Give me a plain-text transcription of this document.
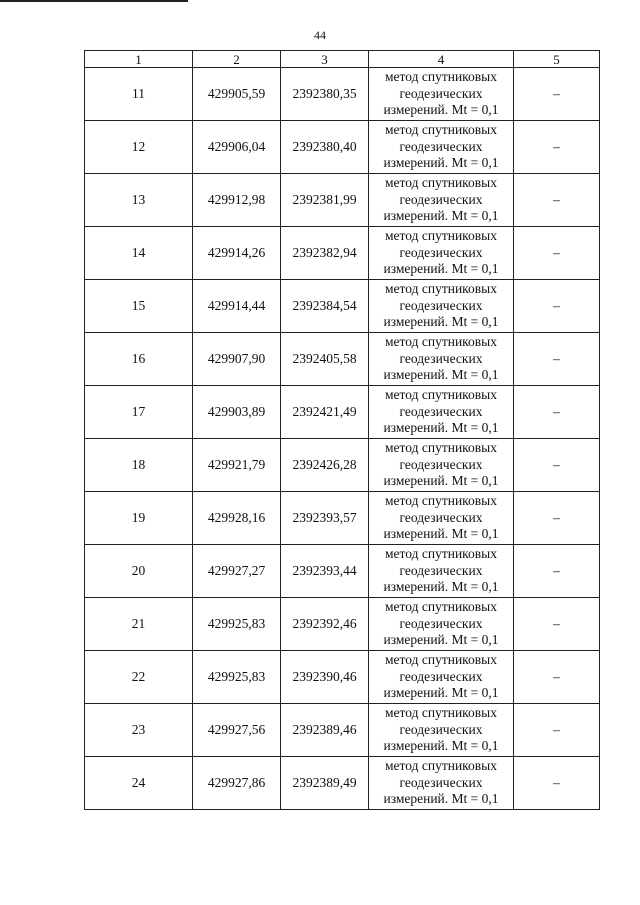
44
1	2	3	4	5
11	429905,59	2392380,35	метод спутниковых
геодезических
измерений. Mt = 0,1	–
12	429906,04	2392380,40	метод спутниковых
геодезических
измерений. Mt = 0,1	–
13	429912,98	2392381,99	метод спутниковых
геодезических
измерений. Mt = 0,1	–
14	429914,26	2392382,94	метод спутниковых
геодезических
измерений. Mt = 0,1	–
15	429914,44	2392384,54	метод спутниковых
геодезических
измерений. Mt = 0,1	–
16	429907,90	2392405,58	метод спутниковых
геодезических
измерений. Mt = 0,1	–
17	429903,89	2392421,49	метод спутниковых
геодезических
измерений. Mt = 0,1	–
18	429921,79	2392426,28	метод спутниковых
геодезических
измерений. Mt = 0,1	–
19	429928,16	2392393,57	метод спутниковых
геодезических
измерений. Mt = 0,1	–
20	429927,27	2392393,44	метод спутниковых
геодезических
измерений. Mt = 0,1	–
21	429925,83	2392392,46	метод спутниковых
геодезических
измерений. Mt = 0,1	–
22	429925,83	2392390,46	метод спутниковых
геодезических
измерений. Mt = 0,1	–
23	429927,56	2392389,46	метод спутниковых
геодезических
измерений. Mt = 0,1	–
24	429927,86	2392389,49	метод спутниковых
геодезических
измерений. Mt = 0,1	–
